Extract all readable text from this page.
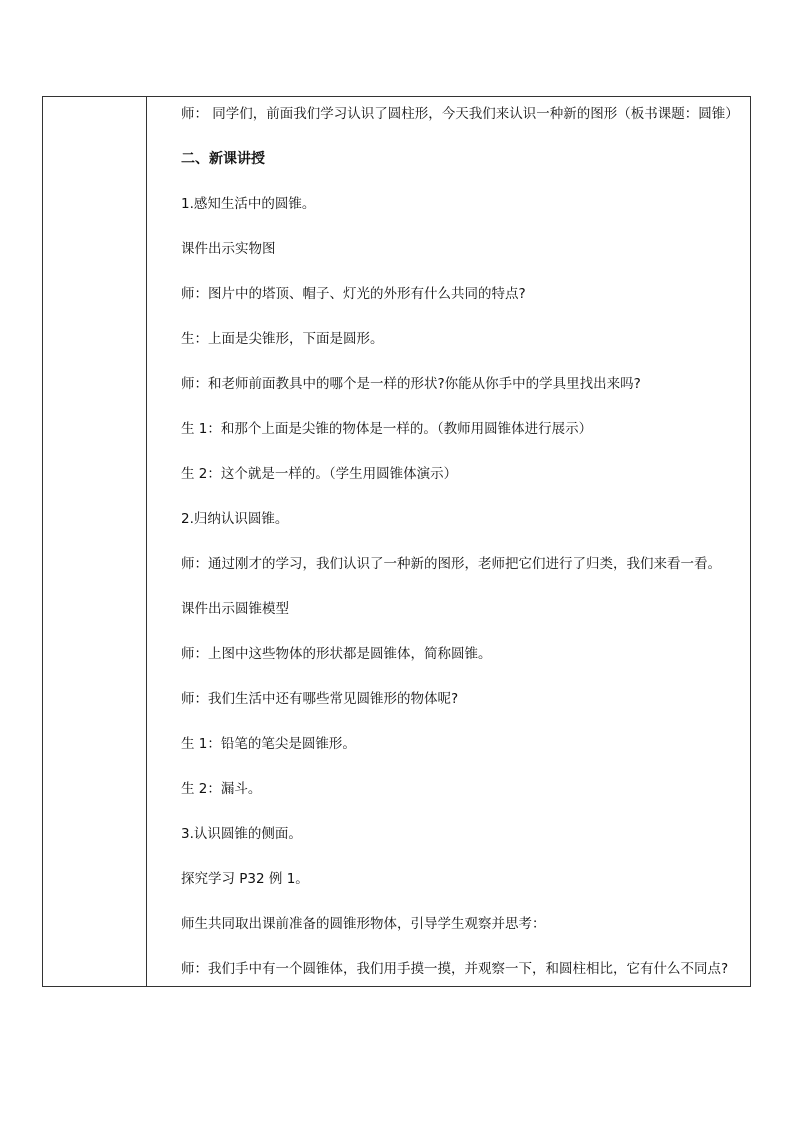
师： 同学们，前面我们学习认识了圆柱形，今天我们来认识一种新的图形（板书课题：圆锥）
二、新课讲授
1.感知生活中的圆锥。
课件出示实物图
师：图片中的塔顶、帽子、灯光的外形有什么共同的特点?
生：上面是尖锥形，下面是圆形。
师：和老师前面教具中的哪个是一样的形状?你能从你手中的学具里找出来吗?
生 1：和那个上面是尖锥的物体是一样的。（教师用圆锥体进行展示）
生 2：这个就是一样的。（学生用圆锥体演示）
2.归纳认识圆锥。
师：通过刚才的学习，我们认识了一种新的图形，老师把它们进行了归类，我们来看一看。
课件出示圆锥模型
师：上图中这些物体的形状都是圆锥体，简称圆锥。
师：我们生活中还有哪些常见圆锥形的物体呢?
生 1：铅笔的笔尖是圆锥形。
生 2：漏斗。
3.认识圆锥的侧面。
探究学习 P32 例 1。
师生共同取出课前准备的圆锥形物体，引导学生观察并思考：
师：我们手中有一个圆锥体，我们用手摸一摸，并观察一下，和圆柱相比，它有什么不同点?
